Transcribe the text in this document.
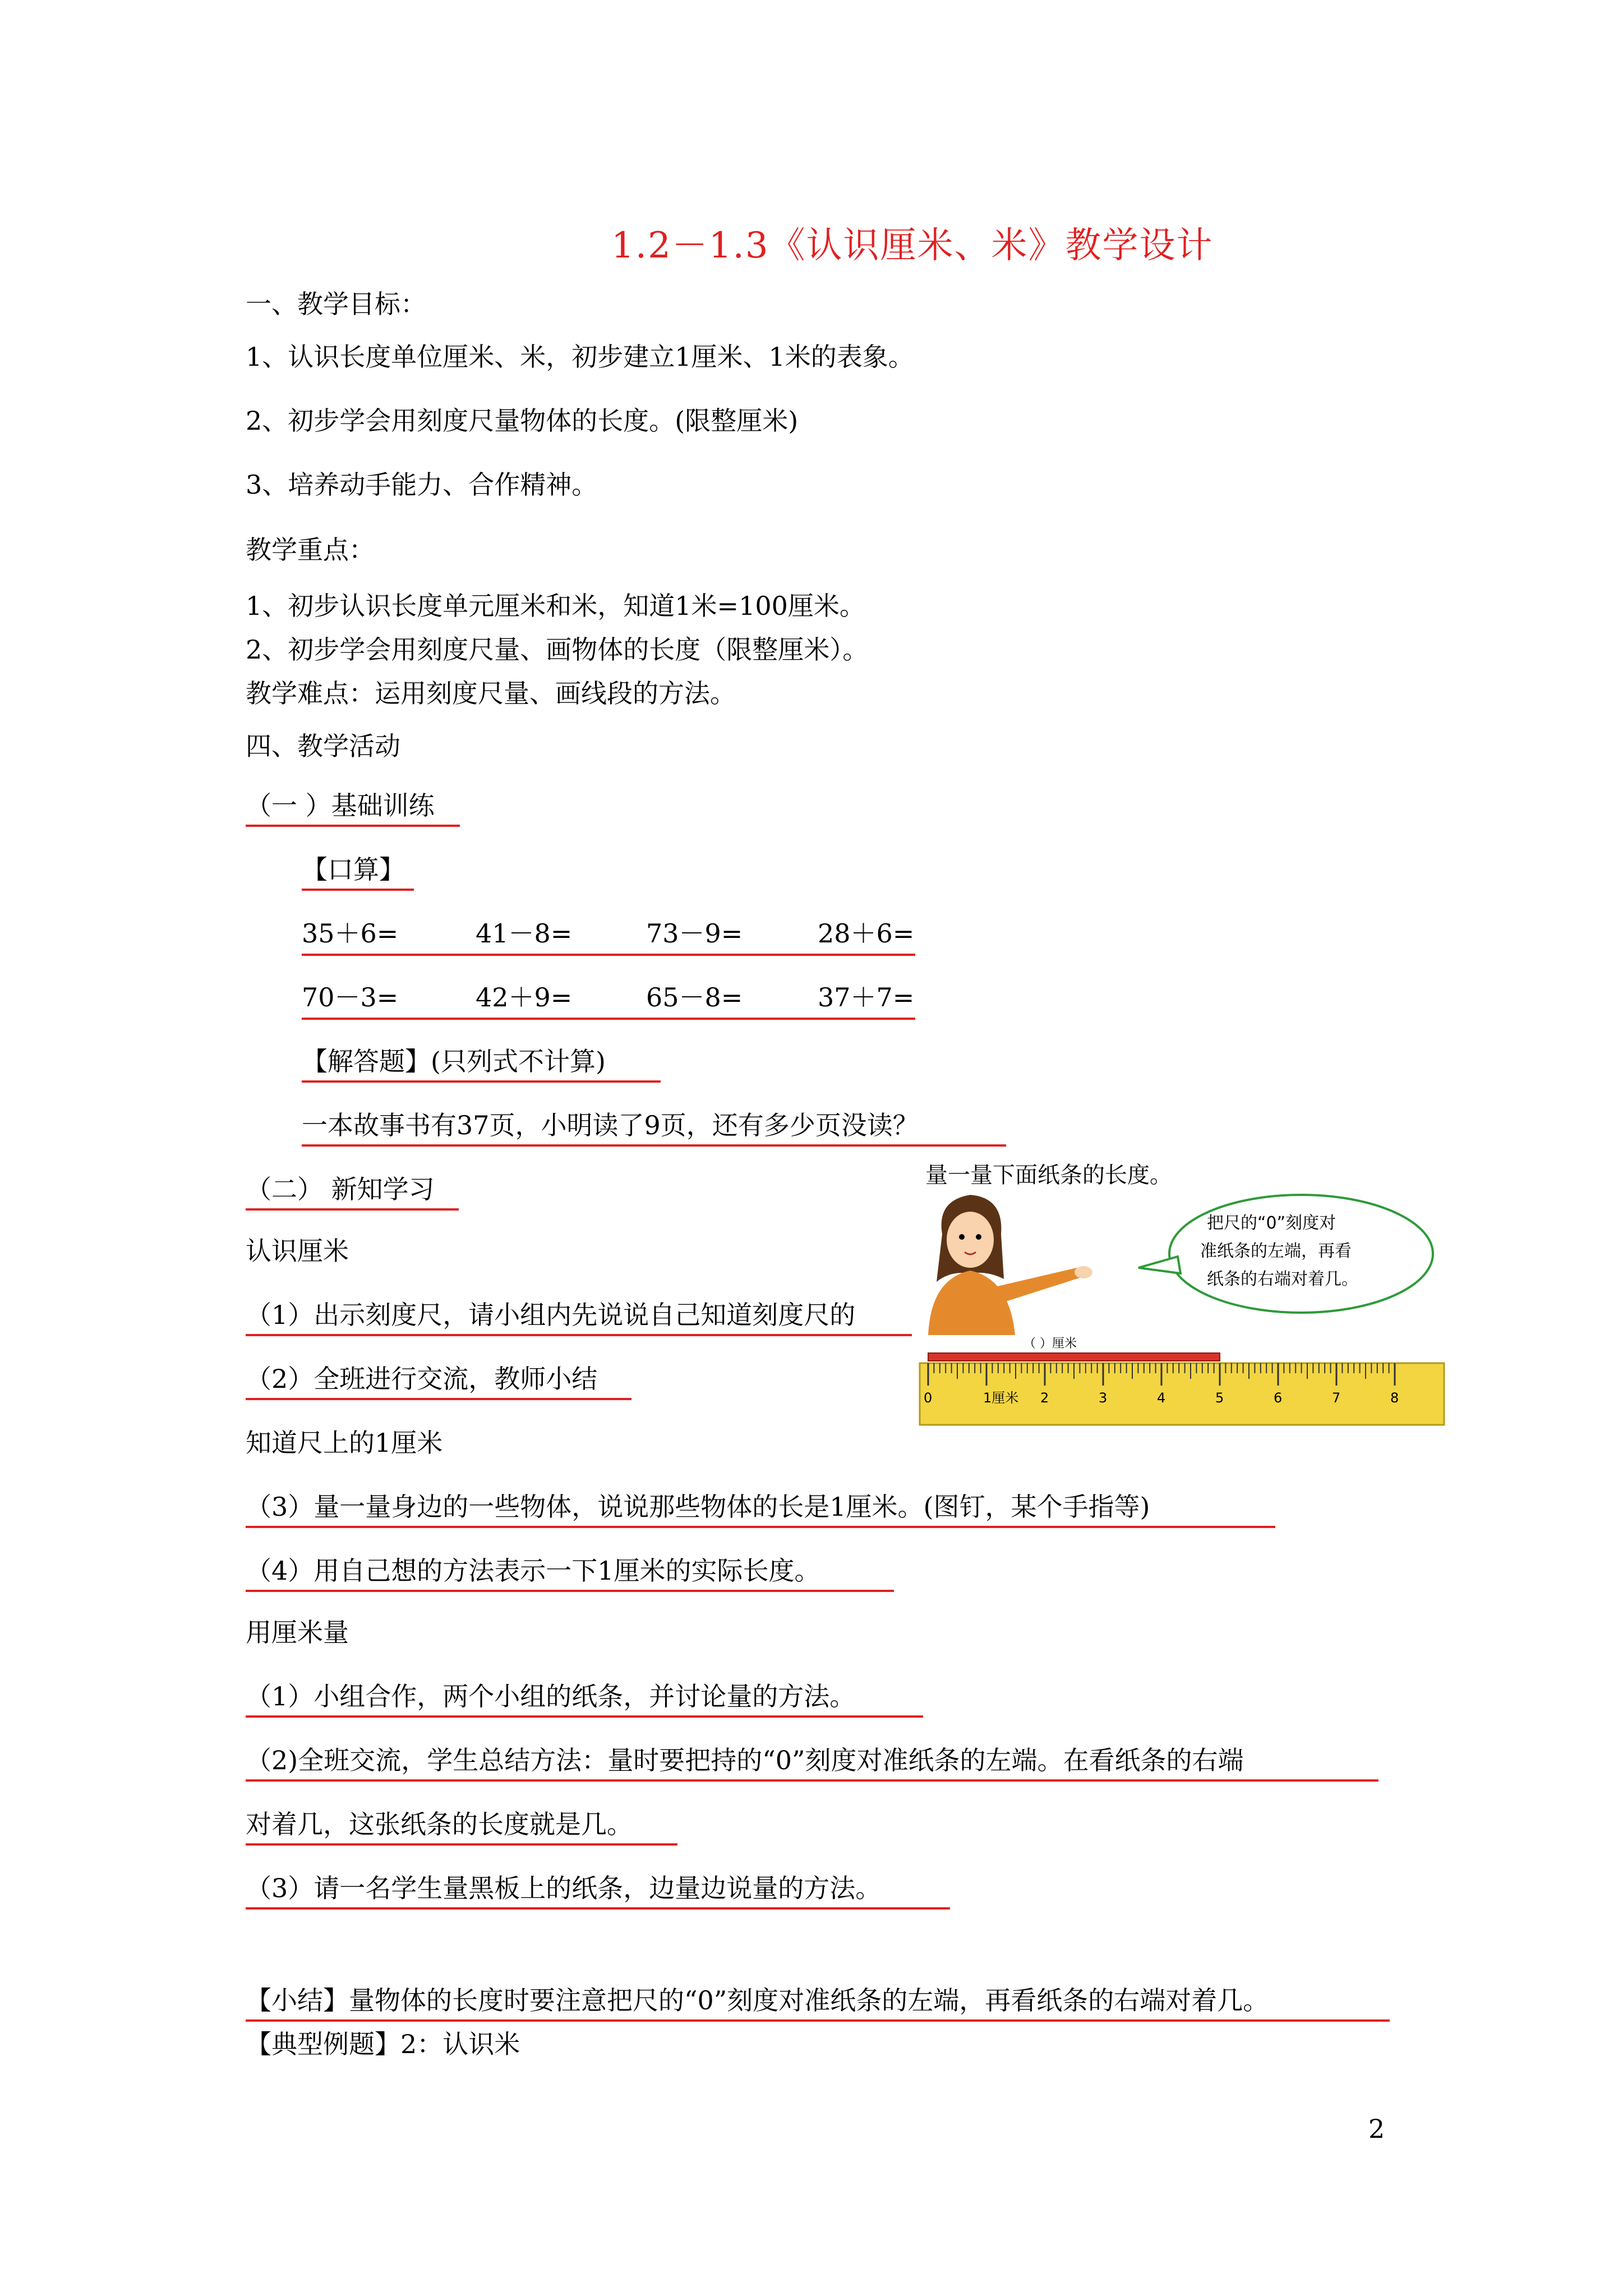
1.2－1.3《认识厘米、米》教学设计
一、教学目标：
1、认识长度单位厘米、米，初步建立1厘米、1米的表象。
2、初步学会用刻度尺量物体的长度。(限整厘米)
3、培养动手能力、合作精神。
教学重点：
1、初步认识长度单元厘米和米，知道1米=100厘米。
2、初步学会用刻度尺量、画物体的长度（限整厘米）。
教学难点：运用刻度尺量、画线段的方法。
四、教学活动
（一 ）基础训练
【口算】
35＋6=	41－8=	73－9=	28＋6=
70－3=	42＋9=	65－8=	37＋7=
【解答题】(只列式不计算)
一本故事书有37页，小明读了9页，还有多少页没读？
（二） 新知学习
认识厘米
（1）出示刻度尺，请小组内先说说自己知道刻度尺的
（2）全班进行交流，教师小结
知道尺上的1厘米
（3）量一量身边的一些物体，说说那些物体的长是1厘米。(图钉，某个手指等)
（4）用自己想的方法表示一下1厘米的实际长度。
用厘米量
（1）小组合作，两个小组的纸条，并讨论量的方法。
（2)全班交流，学生总结方法：量时要把持的“0”刻度对准纸条的左端。在看纸条的右端
对着几，这张纸条的长度就是几。
（3）请一名学生量黑板上的纸条，边量边说量的方法。
【小结】量物体的长度时要注意把尺的“0”刻度对准纸条的左端，再看纸条的右端对着几。
【典型例题】2：认识米
量一量下面纸条的长度。
把尺的“0”刻度对
准纸条的左端，再看
纸条的右端对着几。
（ ）厘米
0	1厘米 2	3	4	5	6	7	8
2
